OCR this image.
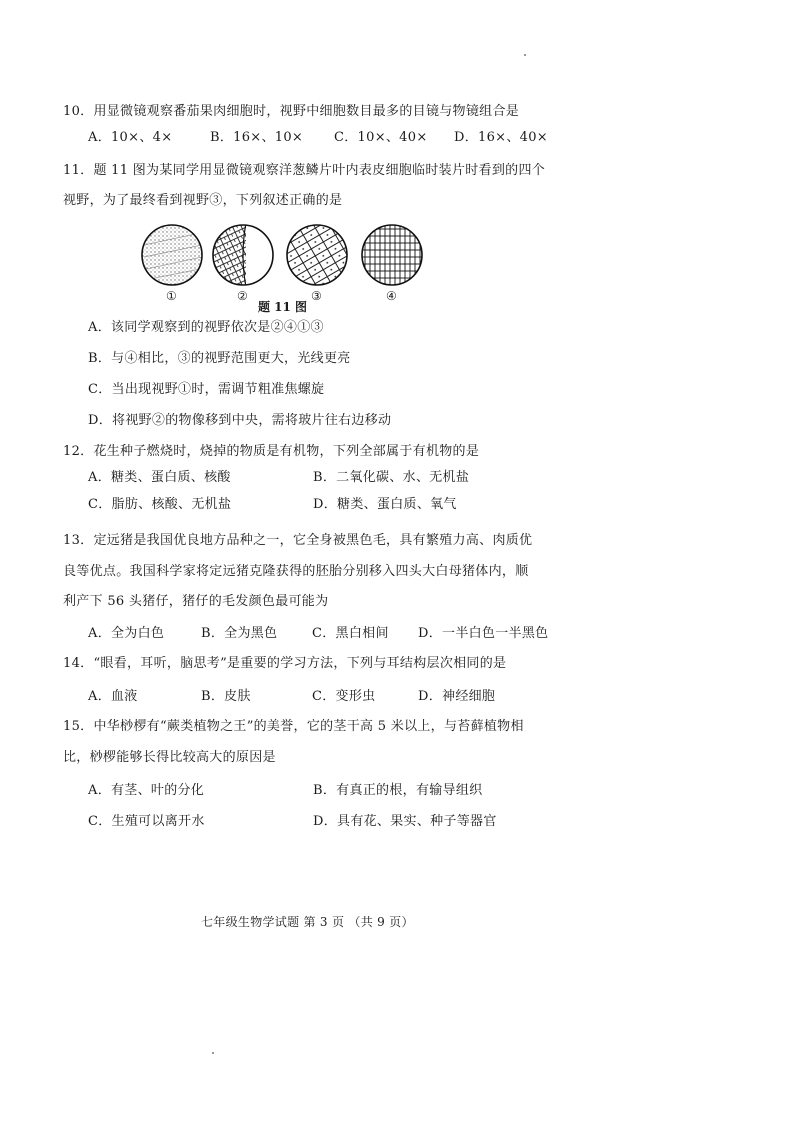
10．用显微镜观察番茄果肉细胞时，视野中细胞数目最多的目镜与物镜组合是
A．10×、4×	B．16×、10× C．10×、40× D．16×、40×
11．题 11 图为某同学用显微镜观察洋葱鳞片叶内表皮细胞临时装片时看到的四个
视野，为了最终看到视野③，下列叙述正确的是
①	②	③	④
题 11 图
A．该同学观察到的视野依次是②④①③
B．与④相比，③的视野范围更大，光线更亮
C．当出现视野①时，需调节粗准焦螺旋
D．将视野②的物像移到中央，需将玻片往右边移动
12．花生种子燃烧时，烧掉的物质是有机物，下列全部属于有机物的是
A．糖类、蛋白质、核酸	B．二氧化碳、水、无机盐
C．脂肪、核酸、无机盐	D．糖类、蛋白质、氧气
13．定远猪是我国优良地方品种之一，它全身被黑色毛，具有繁殖力高、肉质优
良等优点。我国科学家将定远猪克隆获得的胚胎分别移入四头大白母猪体内，顺
利产下 56 头猪仔，猪仔的毛发颜色最可能为
A．全为白色	B．全为黑色	C．黑白相间 D．一半白色一半黑色
14．“眼看，耳听，脑思考”是重要的学习方法，下列与耳结构层次相同的是
A．血液	B．皮肤	C．变形虫	D．神经细胞
15．中华桫椤有“蕨类植物之王”的美誉，它的茎干高 5 米以上，与苔藓植物相
比，桫椤能够长得比较高大的原因是
A．有茎、叶的分化	B．有真正的根，有输导组织
C．生殖可以离开水	D．具有花、果实、种子等器官
七年级生物学试题 第 3 页 （共 9 页）
